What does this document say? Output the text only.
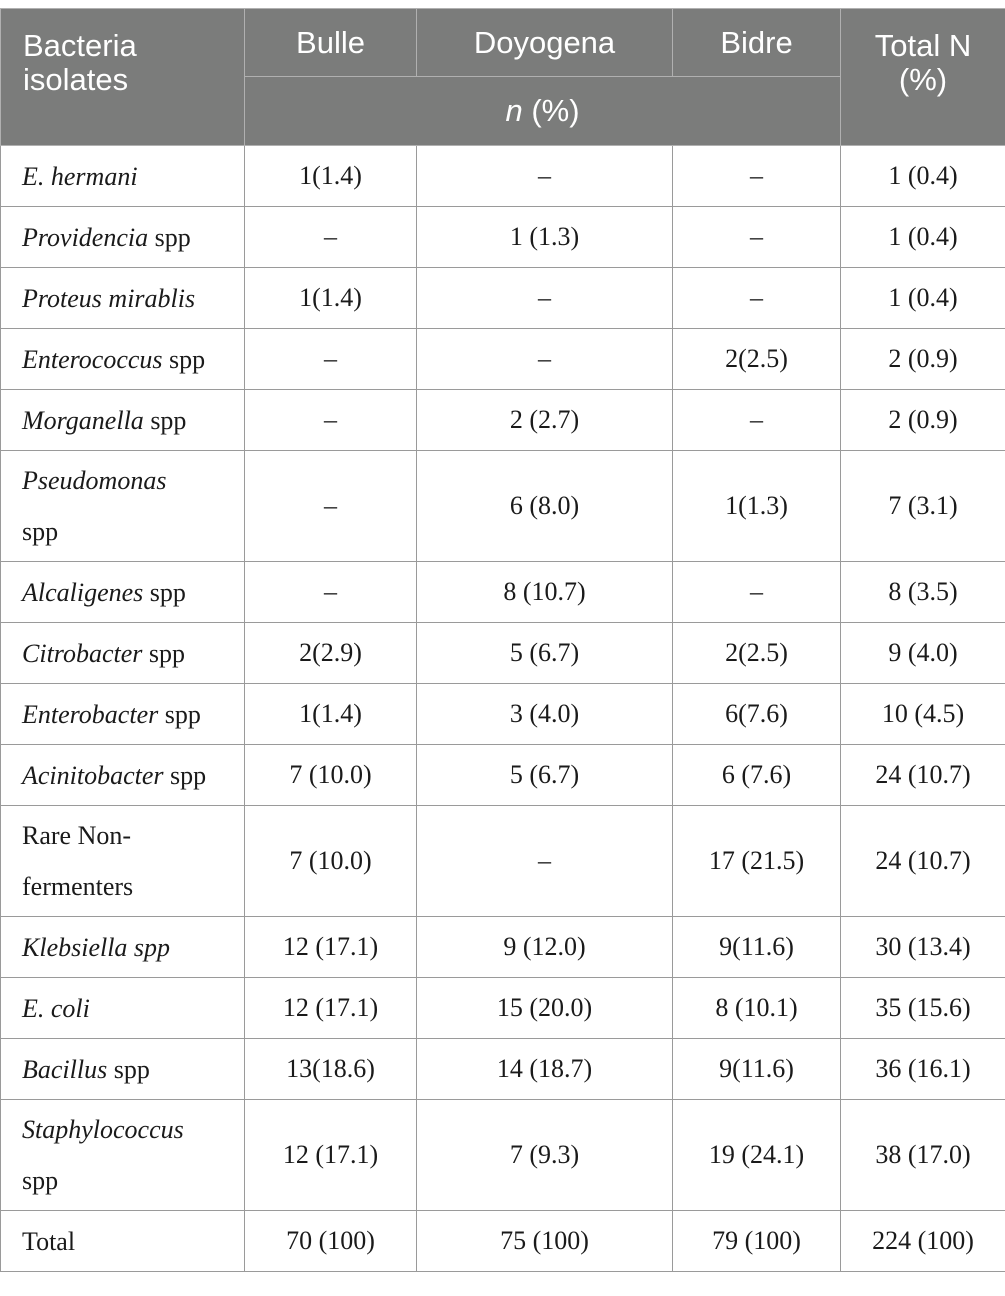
Bacteria isolates	Bulle	Doyogena	Bidre	Total N (%)

	n (%)			
E. hermani	1(1.4)	–	–	1 (0.4)
Providencia spp	–	1 (1.3)	–	1 (0.4)
Proteus mirablis	1(1.4)	–	–	1 (0.4)
Enterococcus spp	–	–	2(2.5)	2 (0.9)
Morganella spp	–	2 (2.7)	–	2 (0.9)

Pseudomonas spp	–	6 (8.0)	1(1.3)	7 (3.1)
Alcaligenes spp	–	8 (10.7)	–	8 (3.5)
Citrobacter spp	2(2.9)	5 (6.7)	2(2.5)	9 (4.0)
Enterobacter spp	1(1.4)	3 (4.0)	6(7.6)	10 (4.5)
Acinitobacter spp	7 (10.0)	5 (6.7)	6 (7.6)	24 (10.7)

Rare Non-fermenters	7 (10.0)	–	17 (21.5)	24 (10.7)
Klebsiella spp	12 (17.1)	9 (12.0)	9(11.6)	30 (13.4)
E. coli	12 (17.1)	15 (20.0)	8 (10.1)	35 (15.6)
Bacillus spp	13(18.6)	14 (18.7)	9(11.6)	36 (16.1)

Staphylococcus spp	12 (17.1)	7 (9.3)	19 (24.1)	38 (17.0)
Total	70 (100)	75 (100)	79 (100)	224 (100)
